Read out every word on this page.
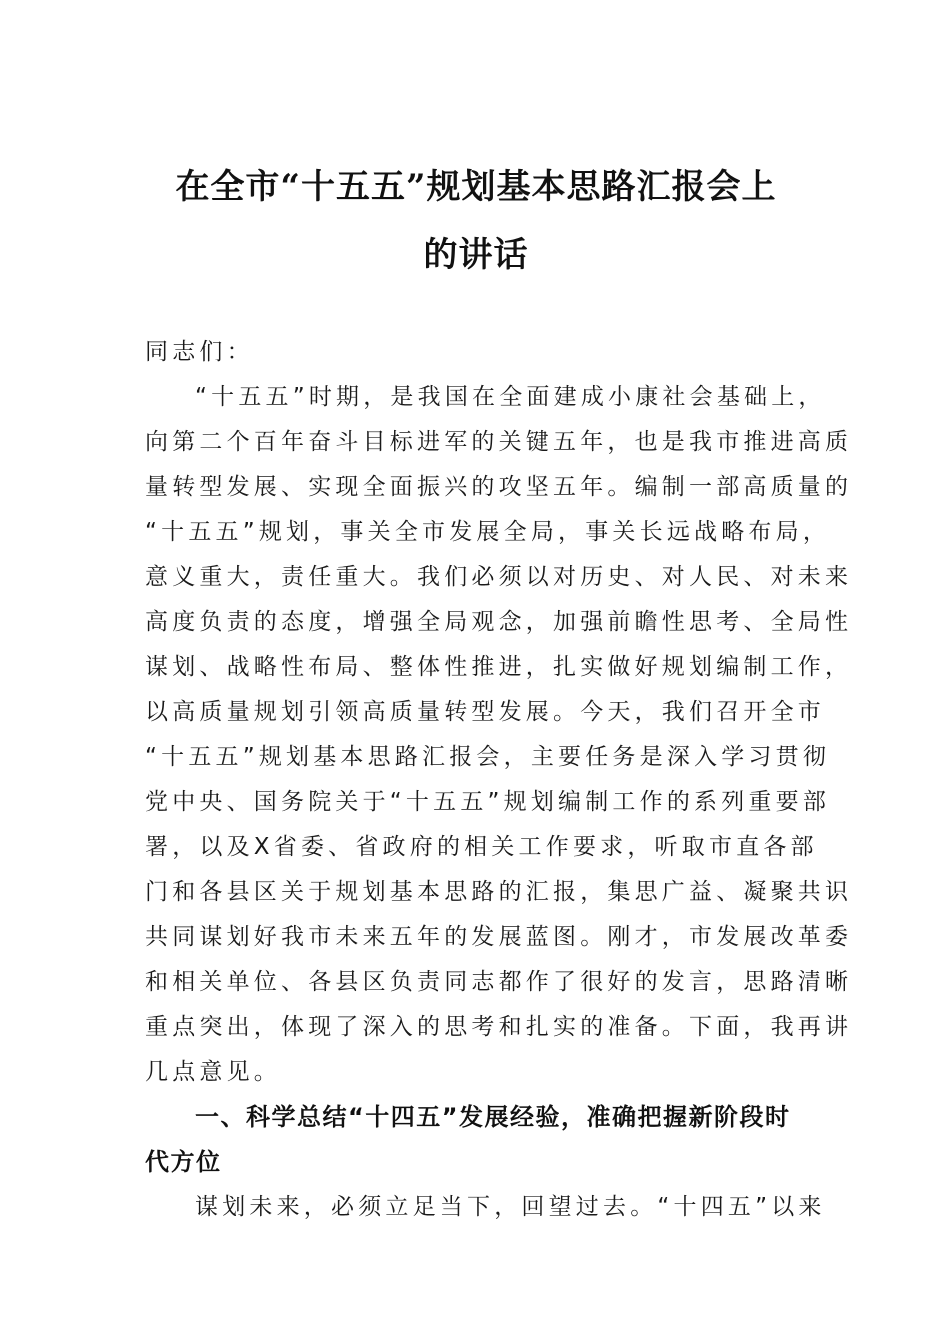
在全市“十五五”规划基本思路汇报会上
的讲话
同志们：
“十五五”时期，是我国在全面建成小康社会基础上，
向第二个百年奋斗目标进军的关键五年，也是我市推进高质
量转型发展、实现全面振兴的攻坚五年。编制一部高质量的
“十五五”规划，事关全市发展全局，事关长远战略布局，
意义重大，责任重大。我们必须以对历史、对人民、对未来
高度负责的态度，增强全局观念，加强前瞻性思考、全局性
谋划、战略性布局、整体性推进，扎实做好规划编制工作，
以高质量规划引领高质量转型发展。今天，我们召开全市
“十五五”规划基本思路汇报会，主要任务是深入学习贯彻
党中央、国务院关于“十五五”规划编制工作的系列重要部
署，以及X省委、省政府的相关工作要求，听取市直各部
门和各县区关于规划基本思路的汇报，集思广益、凝聚共识
共同谋划好我市未来五年的发展蓝图。刚才，市发展改革委
和相关单位、各县区负责同志都作了很好的发言，思路清晰
重点突出，体现了深入的思考和扎实的准备。下面，我再讲
几点意见。
一、科学总结“十四五”发展经验，准确把握新阶段时
代方位
谋划未来，必须立足当下，回望过去。“十四五”以来
